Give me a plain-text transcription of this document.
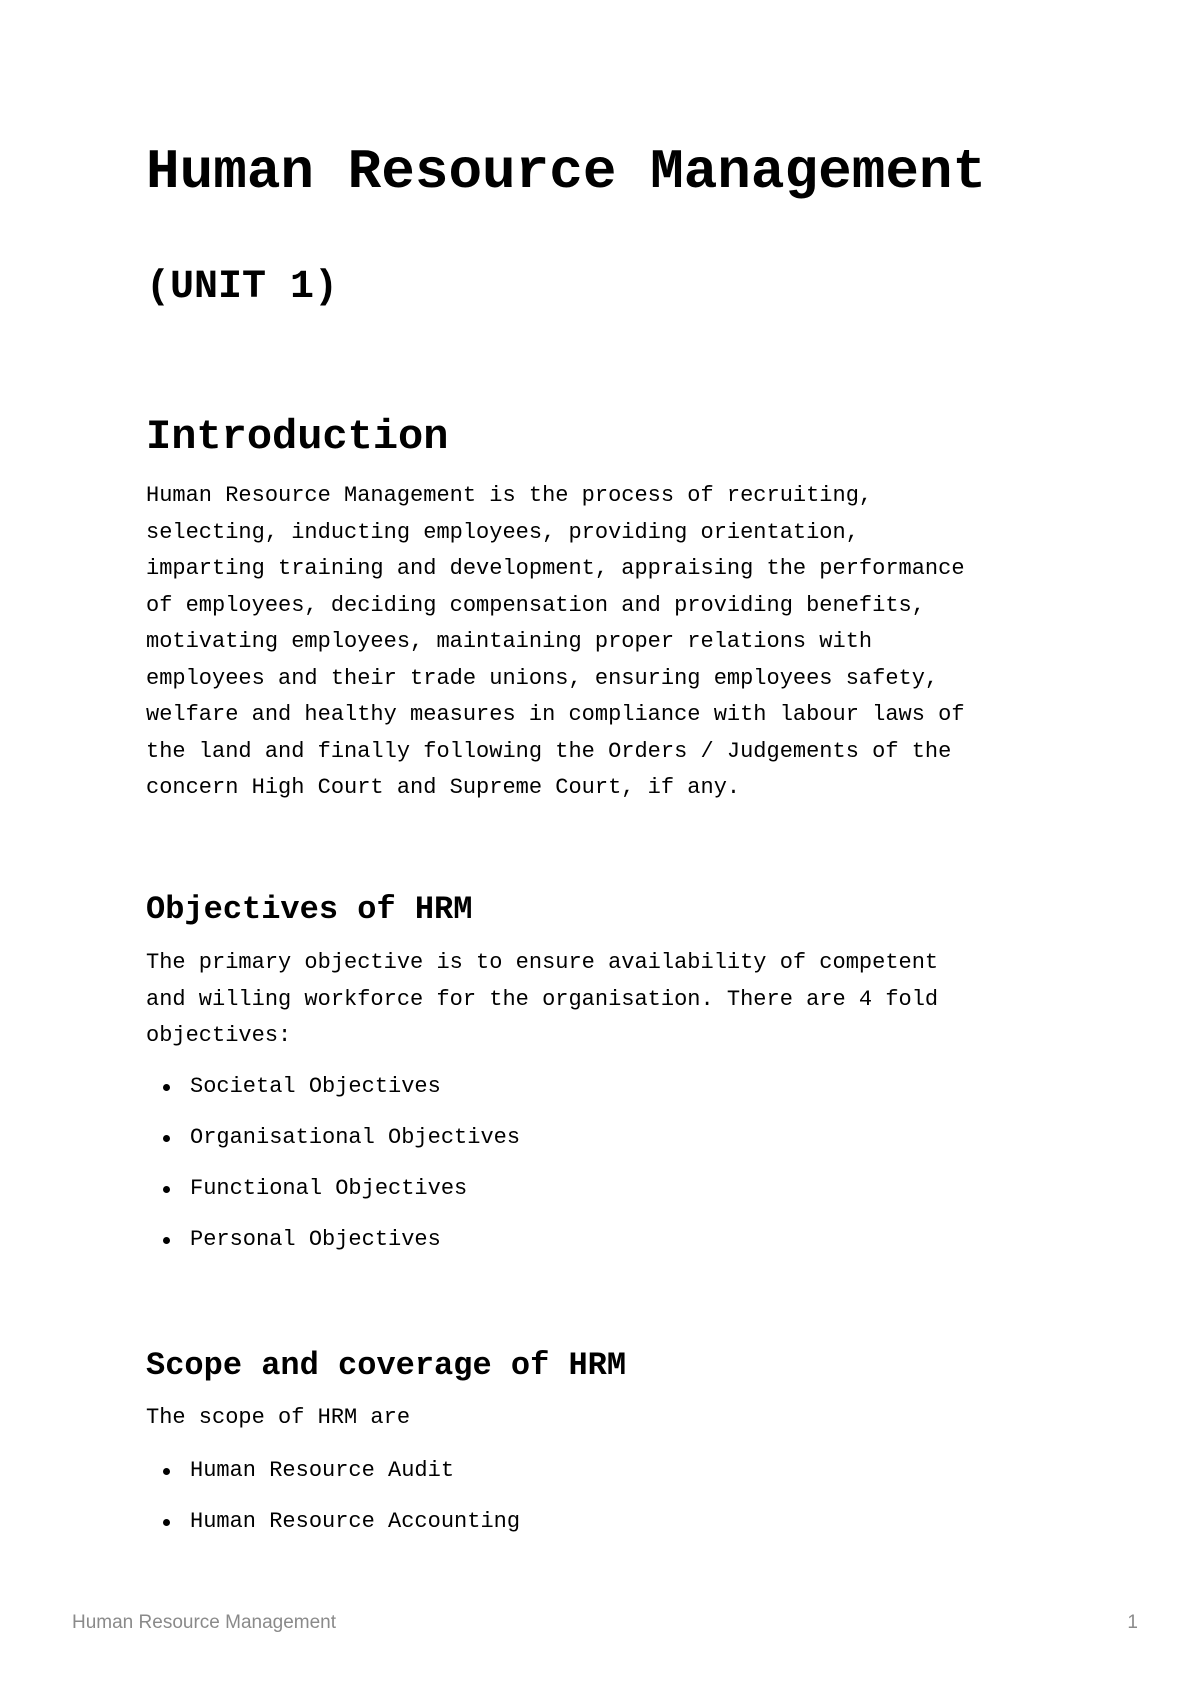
Human Resource Management
(UNIT 1)
Introduction

Human Resource Management is the process of recruiting,
selecting, inducting employees, providing orientation,
imparting training and development, appraising the performance
of employees, deciding compensation and providing benefits,
motivating employees, maintaining proper relations with
employees and their trade unions, ensuring employees safety,
welfare and healthy measures in compliance with labour laws of
the land and finally following the Orders / Judgements of the
concern High Court and Supreme Court, if any.

Objectives of HRM

The primary objective is to ensure availability of competent
and willing workforce for the organisation. There are 4 fold
objectives:

Societal Objectives
Organisational Objectives
Functional Objectives
Personal Objectives
Scope and coverage of HRM

The scope of HRM are

Human Resource Audit
Human Resource Accounting
Human Resource Management	1
